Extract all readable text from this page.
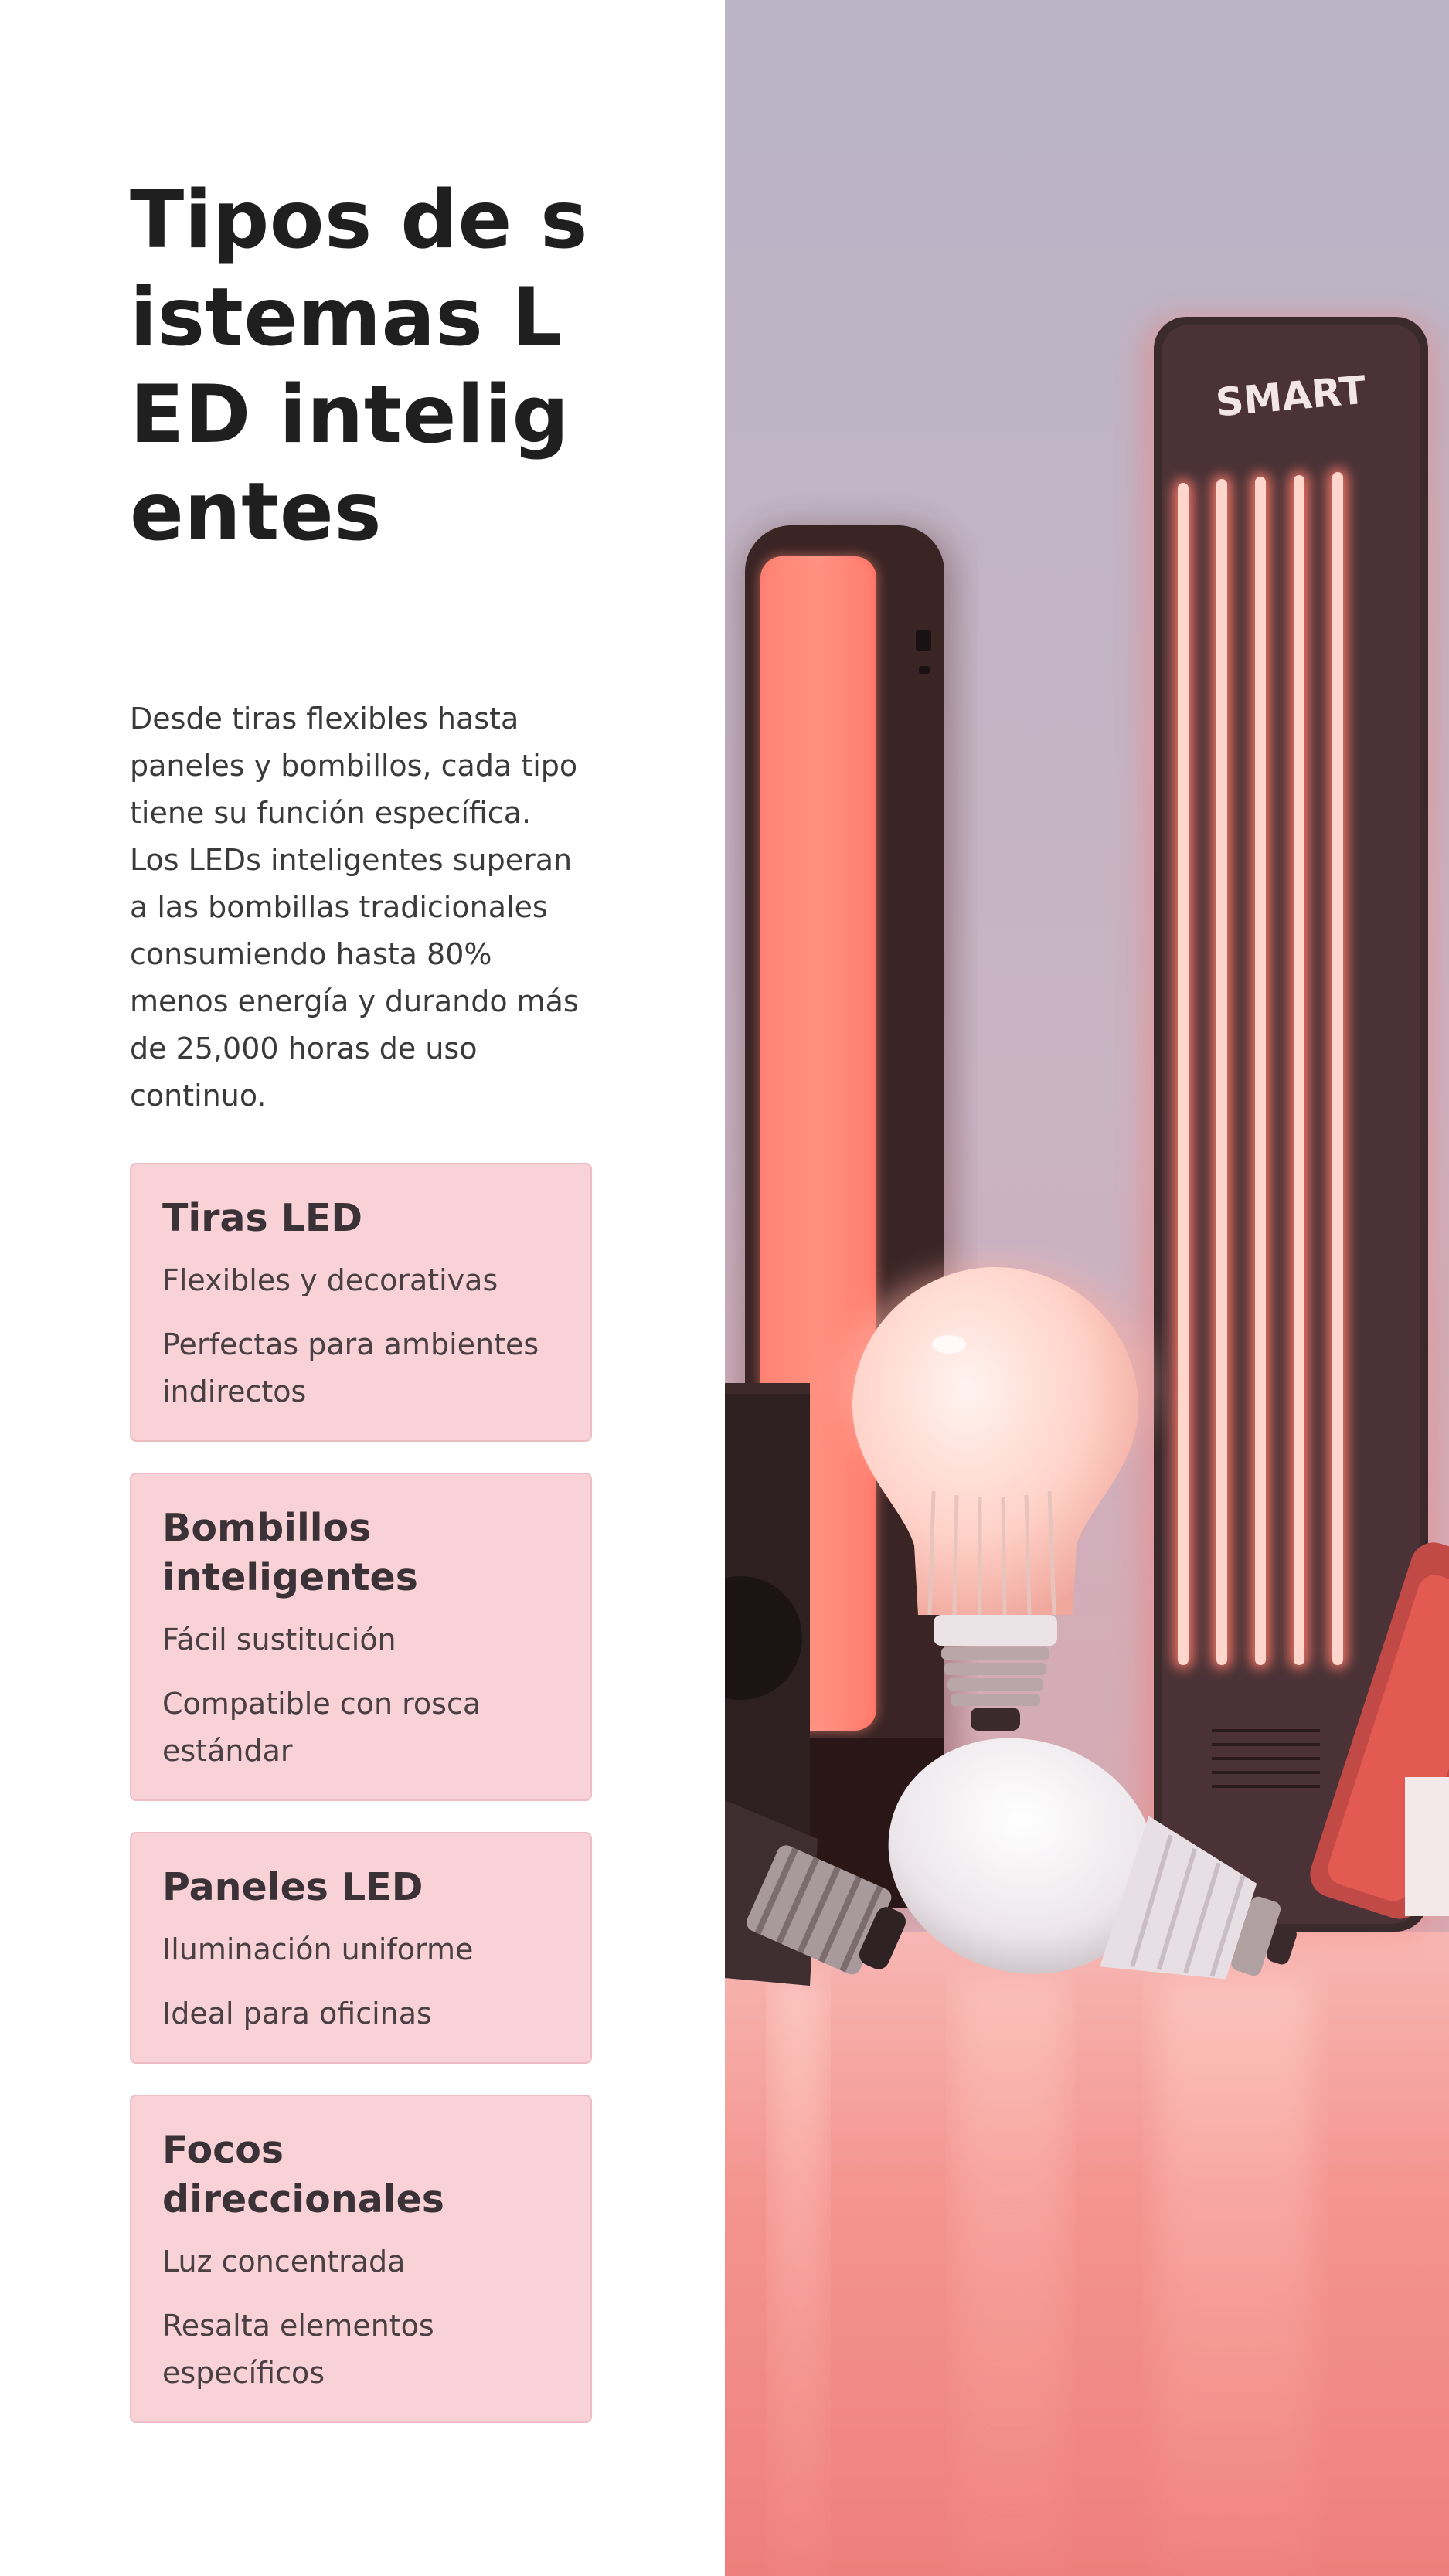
Tipos de sistemas LED inteligentes

Desde tiras flexibles hasta paneles y bombillos, cada tipo tiene su función específica. Los LEDs inteligentes superan a las bombillas tradicionales consumiendo hasta 80% menos energía y durando más de 25,000 horas de uso continuo.

Tiras LED
Flexibles y decorativas
Perfectas para ambientes indirectos
Bombillos inteligentes
Fácil sustitución
Compatible con rosca estándar
Paneles LED
Iluminación uniforme
Ideal para oficinas
Focos direccionales
Luz concentrada
Resalta elementos específicos
SMART
